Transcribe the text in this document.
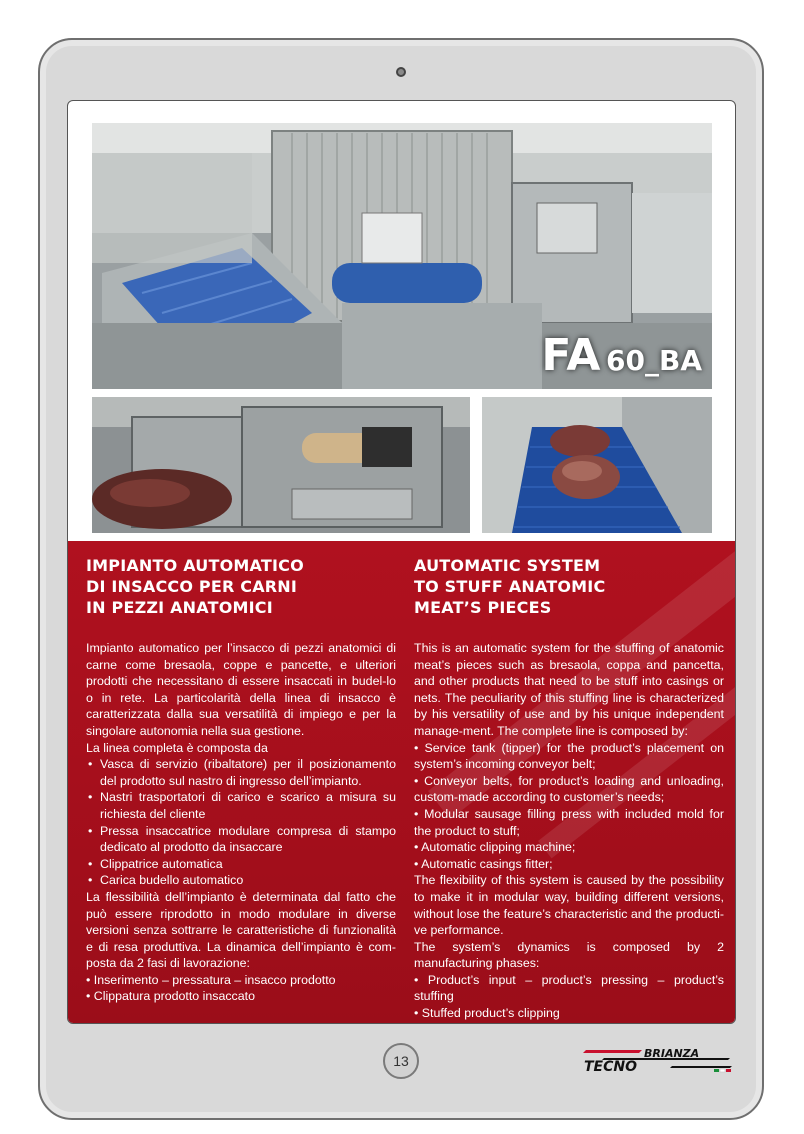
FA 60_BA
IMPIANTO AUTOMATICO
DI INSACCO PER CARNI
IN PEZZI ANATOMICI

Impianto automatico per l’insacco di pezzi anatomici di carne come bresaola, coppe e pancette, e ulteriori prodotti che necessitano di essere insaccati in budel-lo o in rete. La particolarità della linea di insacco è caratterizzata dalla sua versatilità di impiego e per la singolare autonomia nella sua gestione.

La linea completa è composta da

• Vasca di servizio (ribaltatore) per il posizionamento del prodotto sul nastro di ingresso dell’impianto.
• Nastri trasportatori di carico e scarico a misura su richiesta del cliente
• Pressa insaccatrice modulare compresa di stampo dedicato al prodotto da insaccare
• Clippatrice automatica
• Carica budello automatico

La flessibilità dell’impianto è determinata dal fatto che può essere riprodotto in modo modulare in diverse versioni senza sottrarre le caratteristiche di funzionalità e di resa produttiva. La dinamica dell’impianto è com-posta da 2 fasi di lavorazione:

• Inserimento – pressatura – insacco prodotto
• Clippatura prodotto insaccato
AUTOMATIC SYSTEM
TO STUFF ANATOMIC
MEAT’S PIECES

This is an automatic system for the stuffing of anatomic meat’s pieces such as bresaola, coppa and pancetta, and other products that need to be stuff into casings or nets. The peculiarity of this stuffing line is characterized by his versatility of use and by his unique independent manage-ment. The complete line is composed by:

• Service tank (tipper) for the product’s placement on system’s incoming conveyor belt;
• Conveyor belts, for product’s loading and unloading, custom-made according to customer’s needs;
• Modular sausage filling press with included mold for the product to stuff;
• Automatic clipping machine;
• Automatic casings fitter;

The flexibility of this system is caused by the possibility to make it in modular way, building different versions, without lose the feature’s characteristic and the producti-ve performance.

The system’s dynamics is composed by 2 manufacturing phases:

• Product’s input – product’s pressing – product’s stuffing
• Stuffed product’s clipping
13	BRIANZA
TECNO
